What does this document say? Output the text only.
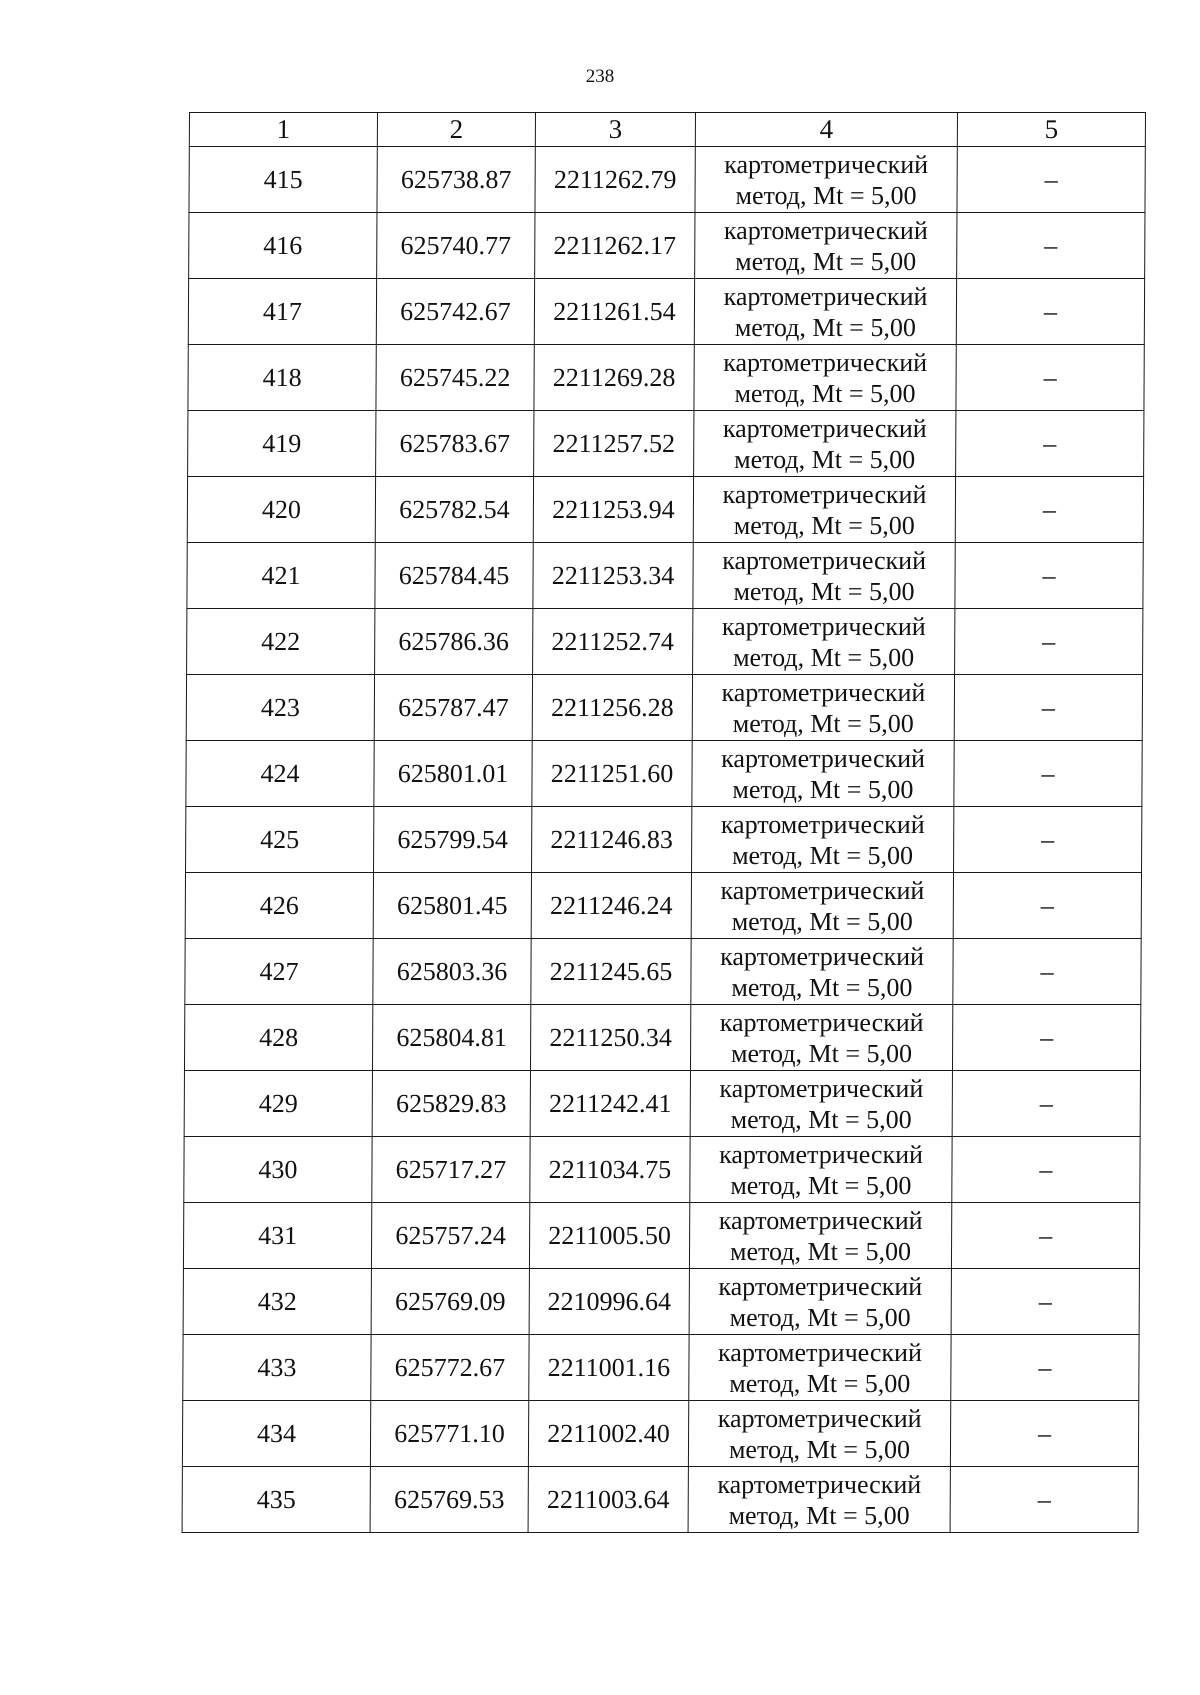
238
1	2	3	4	5
415	625738.87	2211262.79	картометрический
метод, Mt = 5,00	–
416	625740.77	2211262.17	картометрический
метод, Mt = 5,00	–
417	625742.67	2211261.54	картометрический
метод, Mt = 5,00	–
418	625745.22	2211269.28	картометрический
метод, Mt = 5,00	–
419	625783.67	2211257.52	картометрический
метод, Mt = 5,00	–
420	625782.54	2211253.94	картометрический
метод, Mt = 5,00	–
421	625784.45	2211253.34	картометрический
метод, Mt = 5,00	–
422	625786.36	2211252.74	картометрический
метод, Mt = 5,00	–
423	625787.47	2211256.28	картометрический
метод, Mt = 5,00	–
424	625801.01	2211251.60	картометрический
метод, Mt = 5,00	–
425	625799.54	2211246.83	картометрический
метод, Mt = 5,00	–
426	625801.45	2211246.24	картометрический
метод, Mt = 5,00	–
427	625803.36	2211245.65	картометрический
метод, Mt = 5,00	–
428	625804.81	2211250.34	картометрический
метод, Mt = 5,00	–
429	625829.83	2211242.41	картометрический
метод, Mt = 5,00	–
430	625717.27	2211034.75	картометрический
метод, Mt = 5,00	–
431	625757.24	2211005.50	картометрический
метод, Mt = 5,00	–
432	625769.09	2210996.64	картометрический
метод, Mt = 5,00	–
433	625772.67	2211001.16	картометрический
метод, Mt = 5,00	–
434	625771.10	2211002.40	картометрический
метод, Mt = 5,00	–
435	625769.53	2211003.64	картометрический
метод, Mt = 5,00	–
